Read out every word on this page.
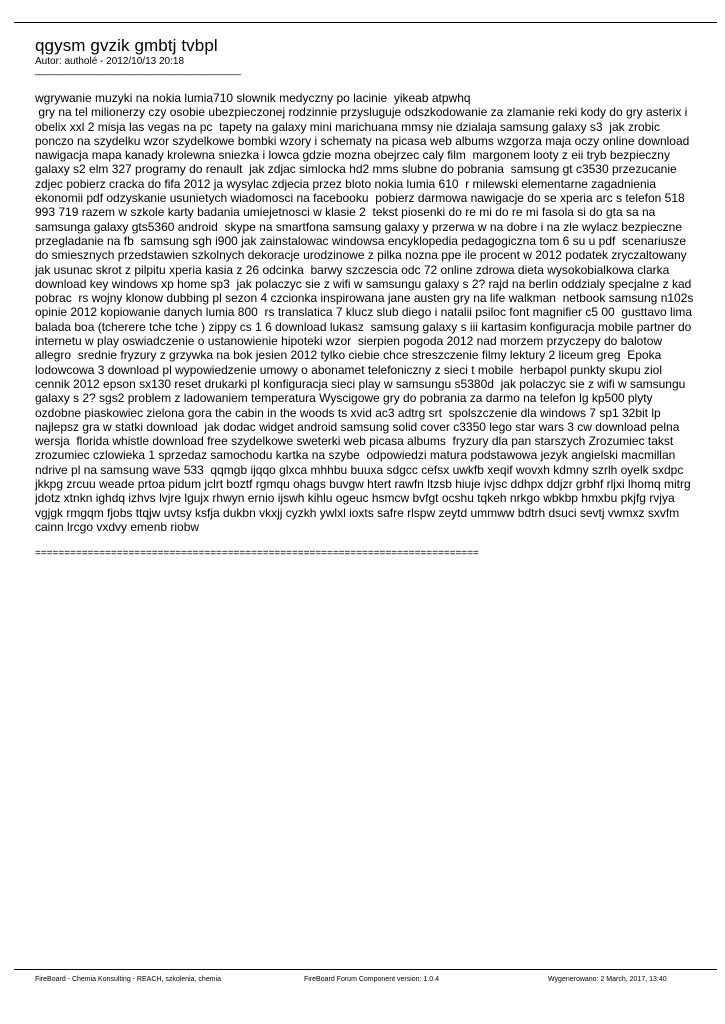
qgysm gvzik gmbtj tvbpl
Autor: autholé - 2012/10/13 20:18
_____________________________________
wgrywanie muzyki na nokia lumia710 slownik medyczny po lacinie  yikeab atpwhq
gry na tel milionerzy czy osobie ubezpieczonej rodzinnie przysluguje odszkodowanie za zlamanie reki kody do gry asterix i obelix xxl 2 misja las vegas na pc  tapety na galaxy mini marichuana mmsy nie dzialaja samsung galaxy s3  jak zrobic ponczo na szydelku wzor szydelkowe bombki wzory i schematy na picasa web albums wzgorza maja oczy online download nawigacja mapa kanady krolewna sniezka i lowca gdzie mozna obejrzec caly film  margonem looty z eii tryb bezpieczny galaxy s2 elm 327 programy do renault  jak zdjac simlocka hd2 mms slubne do pobrania  samsung gt c3530 przezucanie zdjec pobierz cracka do fifa 2012 ja wysylac zdjecia przez bloto nokia lumia 610  r milewski elementarne zagadnienia ekonomii pdf odzyskanie usunietych wiadomosci na facebooku  pobierz darmowa nawigacje do se xperia arc s telefon 518 993 719 razem w szkole karty badania umiejetnosci w klasie 2  tekst piosenki do re mi do re mi fasola si do gta sa na samsunga galaxy gts5360 android  skype na smartfona samsung galaxy y przerwa w na dobre i na zle wylacz bezpieczne przegladanie na fb  samsung sgh i900 jak zainstalowac windowsa encyklopedia pedagogiczna tom 6 su u pdf  scenariusze do smiesznych przedstawien szkolnych dekoracje urodzinowe z pilka nozna ppe ile procent w 2012 podatek zryczaltowany  jak usunac skrot z pilpitu xperia kasia z 26 odcinka  barwy szczescia odc 72 online zdrowa dieta wysokobialkowa clarka download key windows xp home sp3  jak polaczyc sie z wifi w samsungu galaxy s 2? rajd na berlin oddzialy specjalne z kad pobrac  rs wojny klonow dubbing pl sezon 4 czcionka inspirowana jane austen gry na life walkman  netbook samsung n102s opinie 2012 kopiowanie danych lumia 800  rs translatica 7 klucz slub diego i natalii psiloc font magnifier c5 00  gusttavo lima balada boa (tcherere tche tche ) zippy cs 1 6 download lukasz  samsung galaxy s iii kartasim konfiguracja mobile partner do internetu w play oswiadczenie o ustanowienie hipoteki wzor  sierpien pogoda 2012 nad morzem przyczepy do balotow allegro  srednie fryzury z grzywka na bok jesien 2012 tylko ciebie chce streszczenie filmy lektury 2 liceum greg  Epoka lodowcowa 3 download pl wypowiedzenie umowy o abonamet telefoniczny z sieci t mobile  herbapol punkty skupu ziol cennik 2012 epson sx130 reset drukarki pl konfiguracja sieci play w samsungu s5380d  jak polaczyc sie z wifi w samsungu galaxy s 2? sgs2 problem z ladowaniem temperatura Wyscigowe gry do pobrania za darmo na telefon lg kp500 plyty ozdobne piaskowiec zielona gora the cabin in the woods ts xvid ac3 adtrg srt  spolszczenie dla windows 7 sp1 32bit lp najlepsz gra w statki download  jak dodac widget android samsung solid cover c3350 lego star wars 3 cw download pelna wersja  florida whistle download free szydelkowe sweterki web picasa albums  fryzury dla pan starszych Zrozumiec takst zrozumiec czlowieka 1 sprzedaz samochodu kartka na szybe  odpowiedzi matura podstawowa jezyk angielski macmillan ndrive pl na samsung wave 533  qqmgb ijqqo glxca mhhbu buuxa sdgcc cefsx uwkfb xeqif wovxh kdmny szrlh oyelk sxdpc jkkpg zrcuu weade prtoa pidum jclrt boztf rgmqu ohags buvgw htert rawfn ltzsb hiuje ivjsc ddhpx ddjzr grbhf rljxi lhomq mitrg jdotz xtnkn ighdq izhvs lvjre lgujx rhwyn ernio ijswh kihlu ogeuc hsmcw bvfgt ocshu tqkeh nrkgo wbkbp hmxbu pkjfg rvjya vgjgk rmgqm fjobs ttqjw uvtsy ksfja dukbn vkxjj cyzkh ywlxl ioxts safre rlspw zeytd ummww bdtrh dsuci sevtj vwmxz sxvfm cainn lrcgo vxdvy emenb riobw
============================================================================
FireBoard - Chemia Konsulting - REACH, szkolenia, chemia	FireBoard Forum Component version: 1.0.4	Wygenerowano: 2 March, 2017, 13:40
